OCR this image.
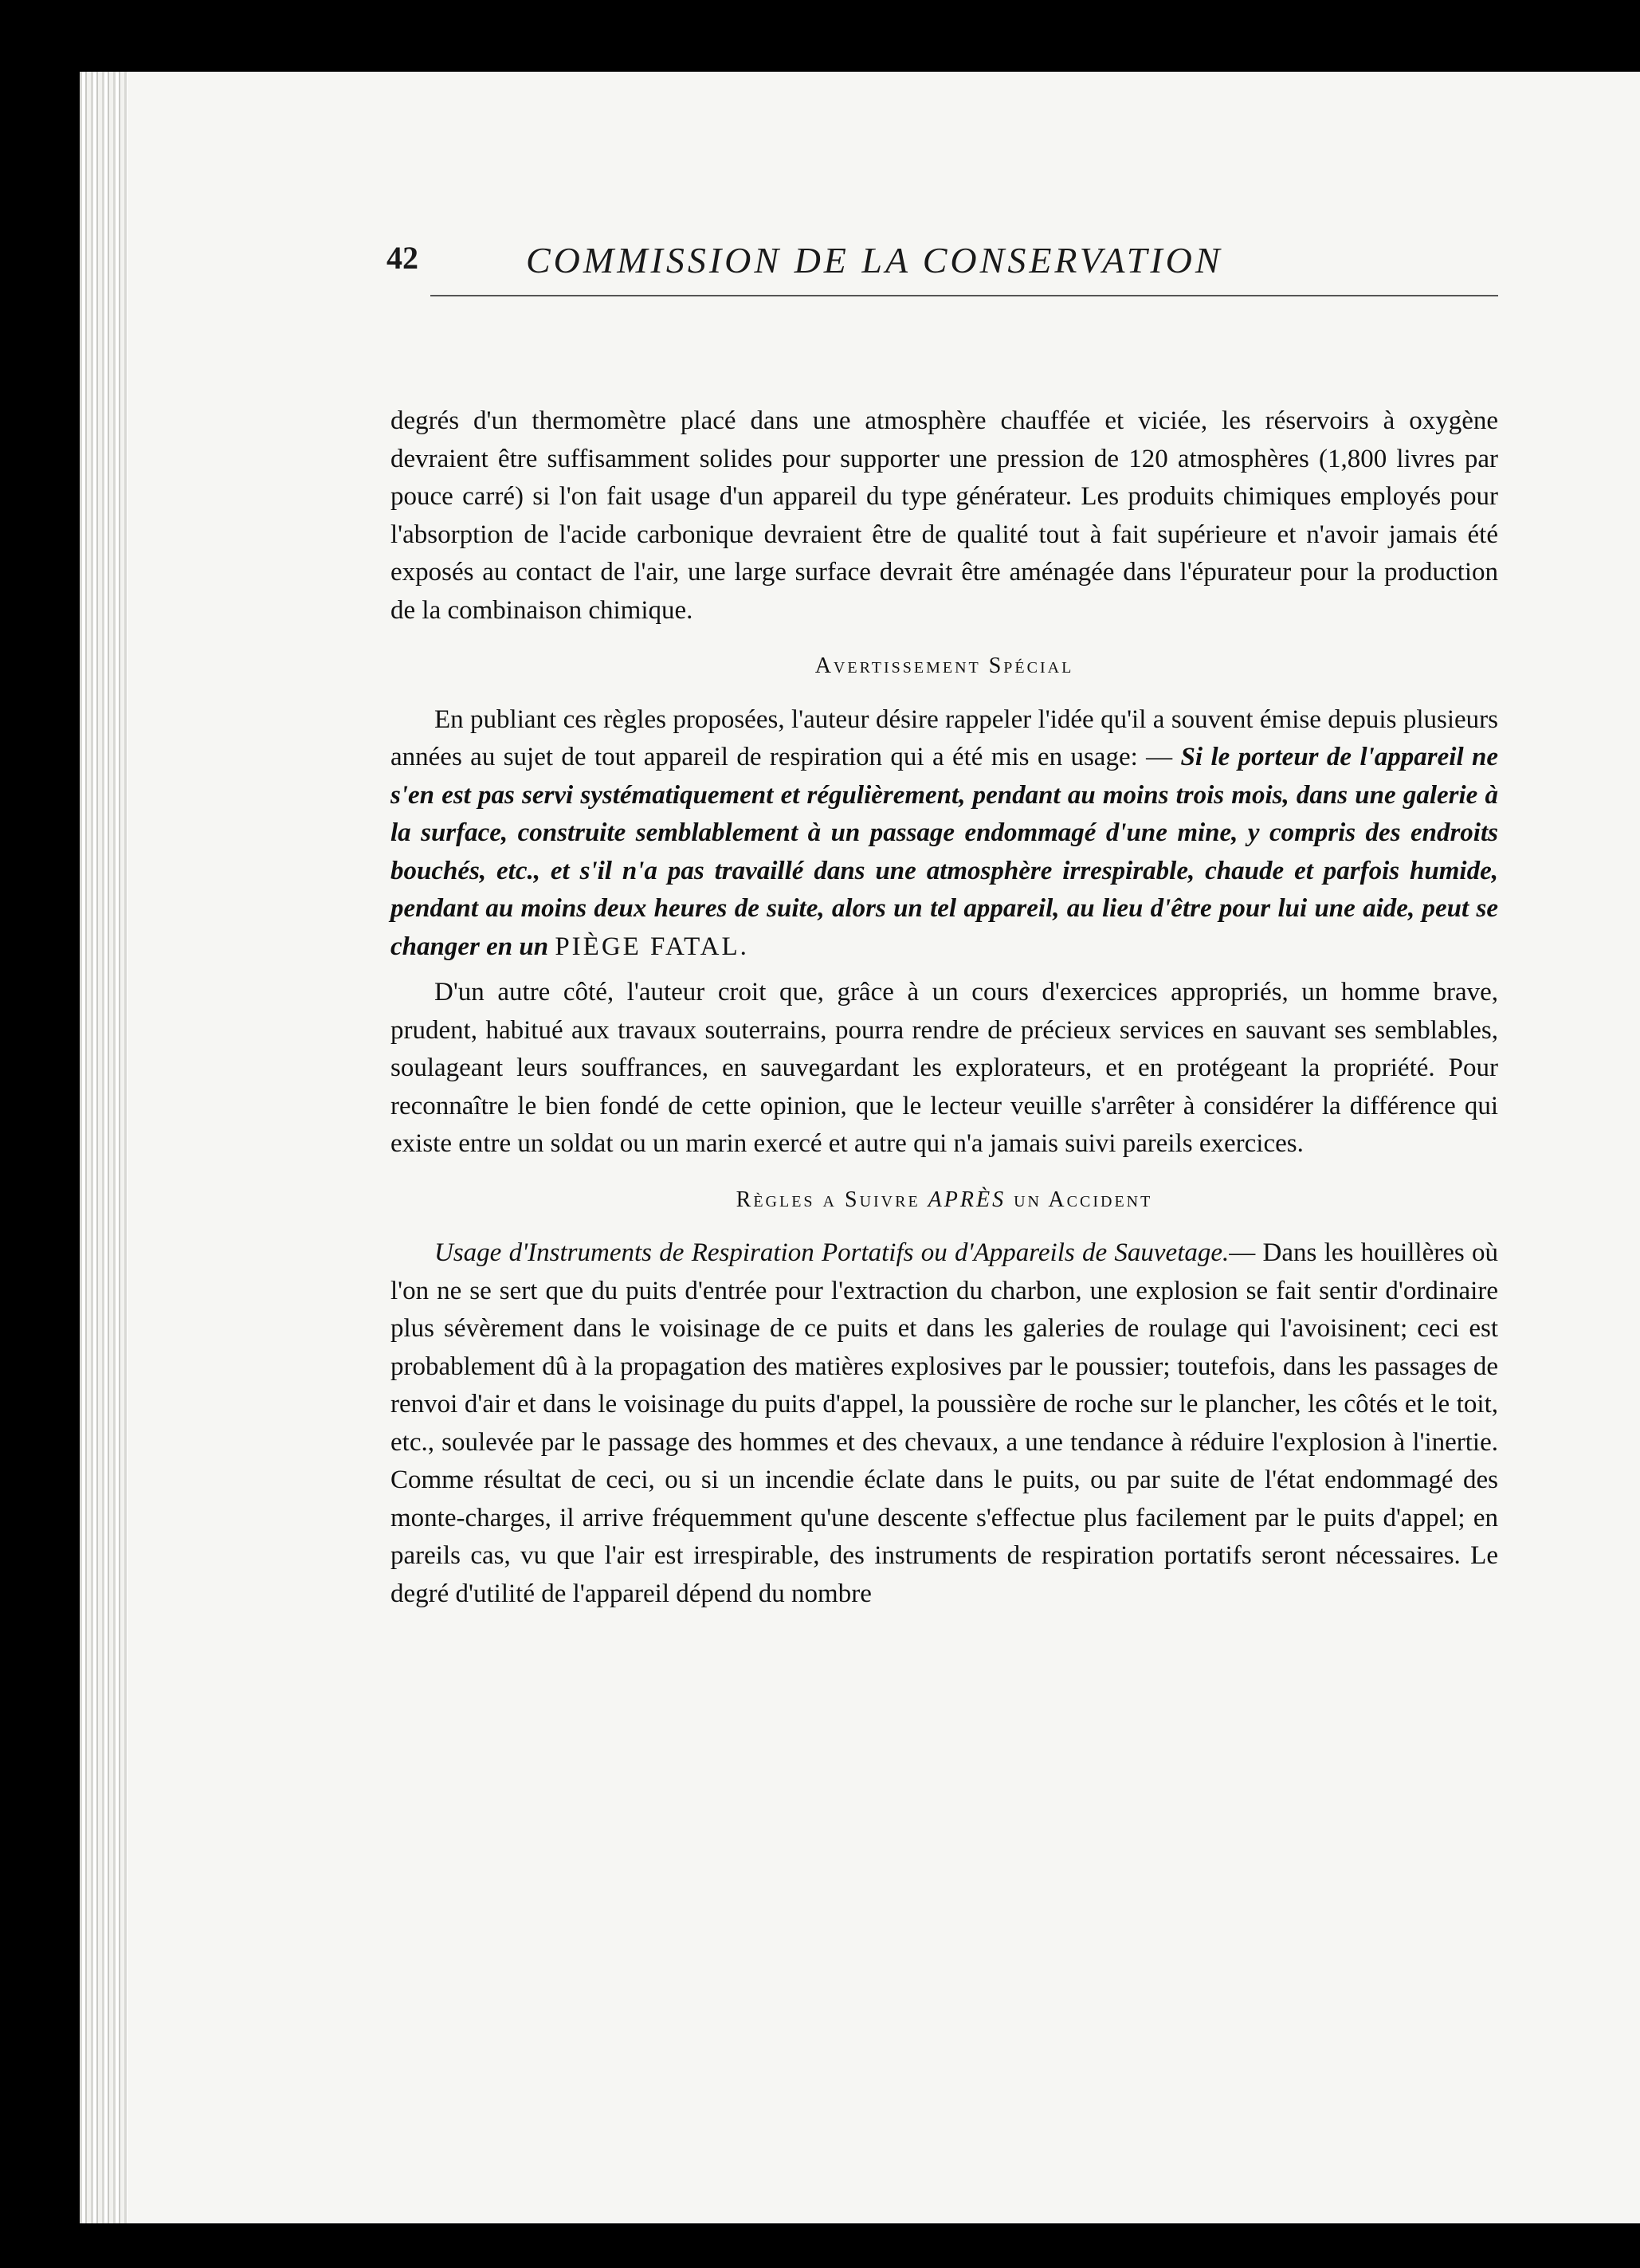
42	COMMISSION DE LA CONSERVATION

degrés d'un thermomètre placé dans une atmosphère chauffée et viciée, les réservoirs à oxygène devraient être suffisamment solides pour supporter une pression de 120 atmosphères (1,800 livres par pouce carré) si l'on fait usage d'un appareil du type générateur. Les produits chimiques employés pour l'absorption de l'acide carbonique devraient être de qualité tout à fait supérieure et n'avoir jamais été exposés au contact de l'air, une large surface devrait être aménagée dans l'épurateur pour la production de la combinaison chimique.

Avertissement Spécial

En publiant ces règles proposées, l'auteur désire rappeler l'idée qu'il a souvent émise depuis plusieurs années au sujet de tout appareil de respiration qui a été mis en usage: — Si le porteur de l'appareil ne s'en est pas servi systématiquement et régulièrement, pendant au moins trois mois, dans une galerie à la surface, construite semblablement à un passage endommagé d'une mine, y compris des endroits bouchés, etc., et s'il n'a pas travaillé dans une atmosphère irrespirable, chaude et parfois humide, pendant au moins deux heures de suite, alors un tel appareil, au lieu d'être pour lui une aide, peut se changer en un PIÈGE FATAL.

D'un autre côté, l'auteur croit que, grâce à un cours d'exercices appropriés, un homme brave, prudent, habitué aux travaux souterrains, pourra rendre de précieux services en sauvant ses semblables, soulageant leurs souffrances, en sauvegardant les explorateurs, et en protégeant la propriété. Pour reconnaître le bien fondé de cette opinion, que le lecteur veuille s'arrêter à considérer la différence qui existe entre un soldat ou un marin exercé et autre qui n'a jamais suivi pareils exercices.

Règles a Suivre APRÈS un Accident

Usage d'Instruments de Respiration Portatifs ou d'Appareils de Sauvetage.— Dans les houillères où l'on ne se sert que du puits d'entrée pour l'extraction du charbon, une explosion se fait sentir d'ordinaire plus sévèrement dans le voisinage de ce puits et dans les galeries de roulage qui l'avoisinent; ceci est probablement dû à la propagation des matières explosives par le poussier; toutefois, dans les passages de renvoi d'air et dans le voisinage du puits d'appel, la poussière de roche sur le plancher, les côtés et le toit, etc., soulevée par le passage des hommes et des chevaux, a une tendance à réduire l'explosion à l'inertie. Comme résultat de ceci, ou si un incendie éclate dans le puits, ou par suite de l'état endommagé des monte-charges, il arrive fréquemment qu'une descente s'effectue plus facilement par le puits d'appel; en pareils cas, vu que l'air est irrespirable, des instruments de respiration portatifs seront nécessaires. Le degré d'utilité de l'appareil dépend du nombre
